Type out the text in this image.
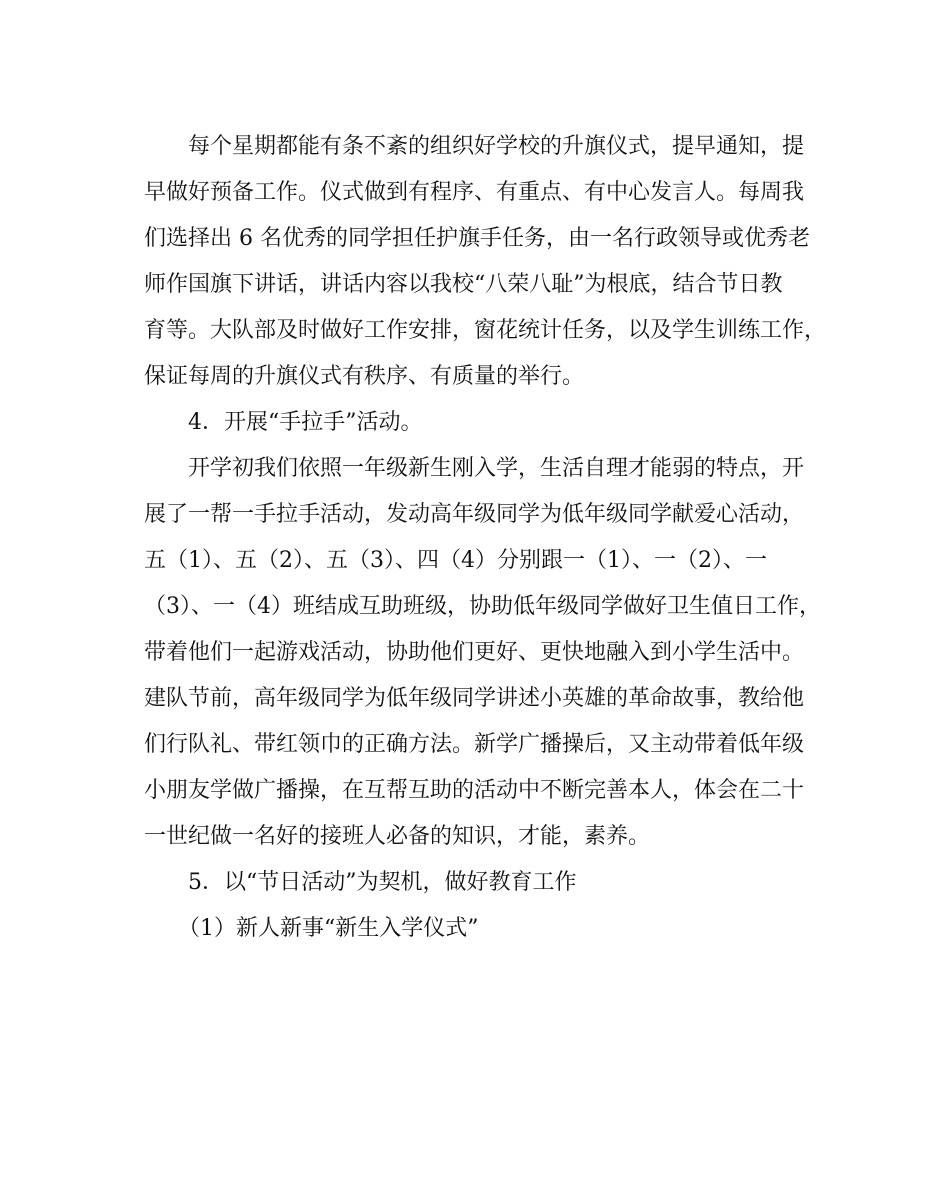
每个星期都能有条不紊的组织好学校的升旗仪式，提早通知，提
早做好预备工作。仪式做到有程序、有重点、有中心发言人。每周我
们选择出 6 名优秀的同学担任护旗手任务，由一名行政领导或优秀老
师作国旗下讲话，讲话内容以我校“八荣八耻”为根底，结合节日教
育等。大队部及时做好工作安排，窗花统计任务，以及学生训练工作，
保证每周的升旗仪式有秩序、有质量的举行。
4．开展“手拉手”活动。
开学初我们依照一年级新生刚入学，生活自理才能弱的特点，开
展了一帮一手拉手活动，发动高年级同学为低年级同学献爱心活动，
五（1）、五（2）、五（3）、四（4）分别跟一（1）、一（2）、一
（3）、一（4）班结成互助班级，协助低年级同学做好卫生值日工作，
带着他们一起游戏活动，协助他们更好、更快地融入到小学生活中。
建队节前，高年级同学为低年级同学讲述小英雄的革命故事，教给他
们行队礼、带红领巾的正确方法。新学广播操后，又主动带着低年级
小朋友学做广播操，在互帮互助的活动中不断完善本人，体会在二十
一世纪做一名好的接班人必备的知识，才能，素养。
5．以“节日活动”为契机，做好教育工作
（1）新人新事“新生入学仪式”
